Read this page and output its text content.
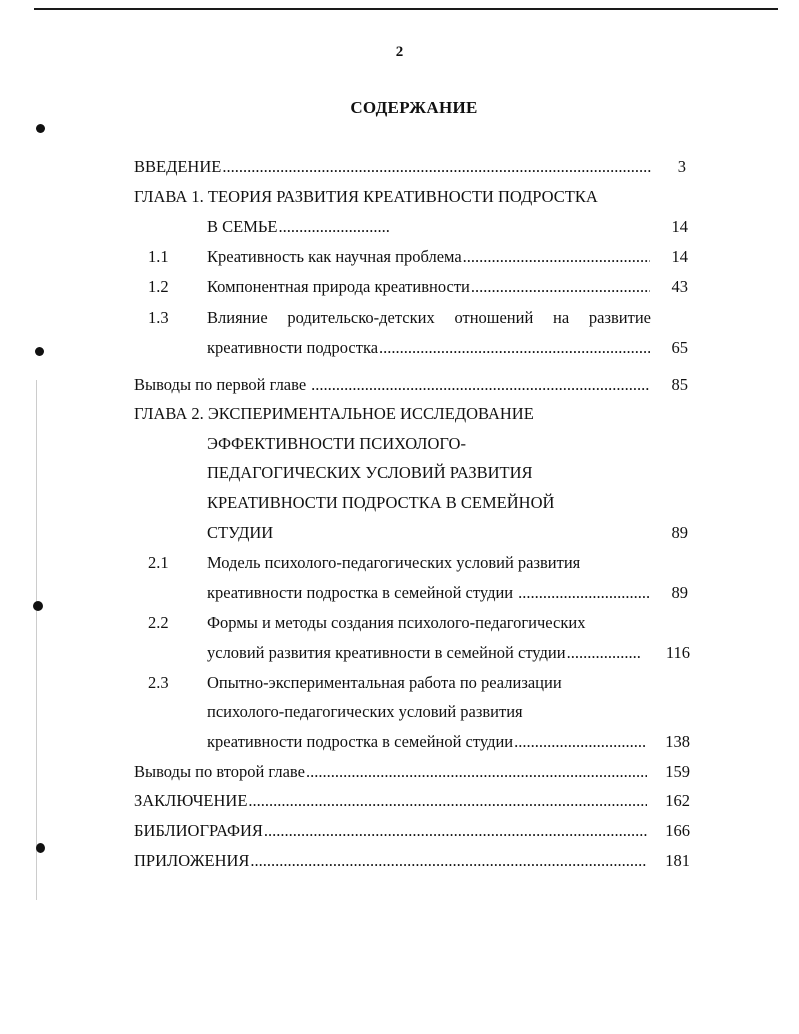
2
СОДЕРЖАНИЕ
ВВЕДЕНИЕ .....	3
ГЛАВА 1. ТЕОРИЯ РАЗВИТИЯ КРЕАТИВНОСТИ ПОДРОСТКА
В СЕМЬЕ .....	14
1.1 Креативность как научная проблема .....	14
1.2 Компонентная природа креативности .....	43
1.3 Влияние родительско-детских отношений на развитие
креативности подростка .....	65
Выводы по первой главе .....	85
ГЛАВА 2. ЭКСПЕРИМЕНТАЛЬНОЕ ИССЛЕДОВАНИЕ
ЭФФЕКТИВНОСТИ ПСИХОЛОГО-
ПЕДАГОГИЧЕСКИХ УСЛОВИЙ РАЗВИТИЯ
КРЕАТИВНОСТИ ПОДРОСТКА В СЕМЕЙНОЙ
СТУДИИ	89
2.1 Модель психолого-педагогических условий развития
креативности подростка в семейной студии .....	89
2.2 Формы и методы создания психолого-педагогических
условий развития креативности в семейной студии .....	116
2.3 Опытно-экспериментальная работа по реализации
психолого-педагогических условий развития
креативности подростка в семейной студии .....	138
Выводы по второй главе .....	159
ЗАКЛЮЧЕНИЕ .....	162
БИБЛИОГРАФИЯ .....	166
ПРИЛОЖЕНИЯ .....	181
